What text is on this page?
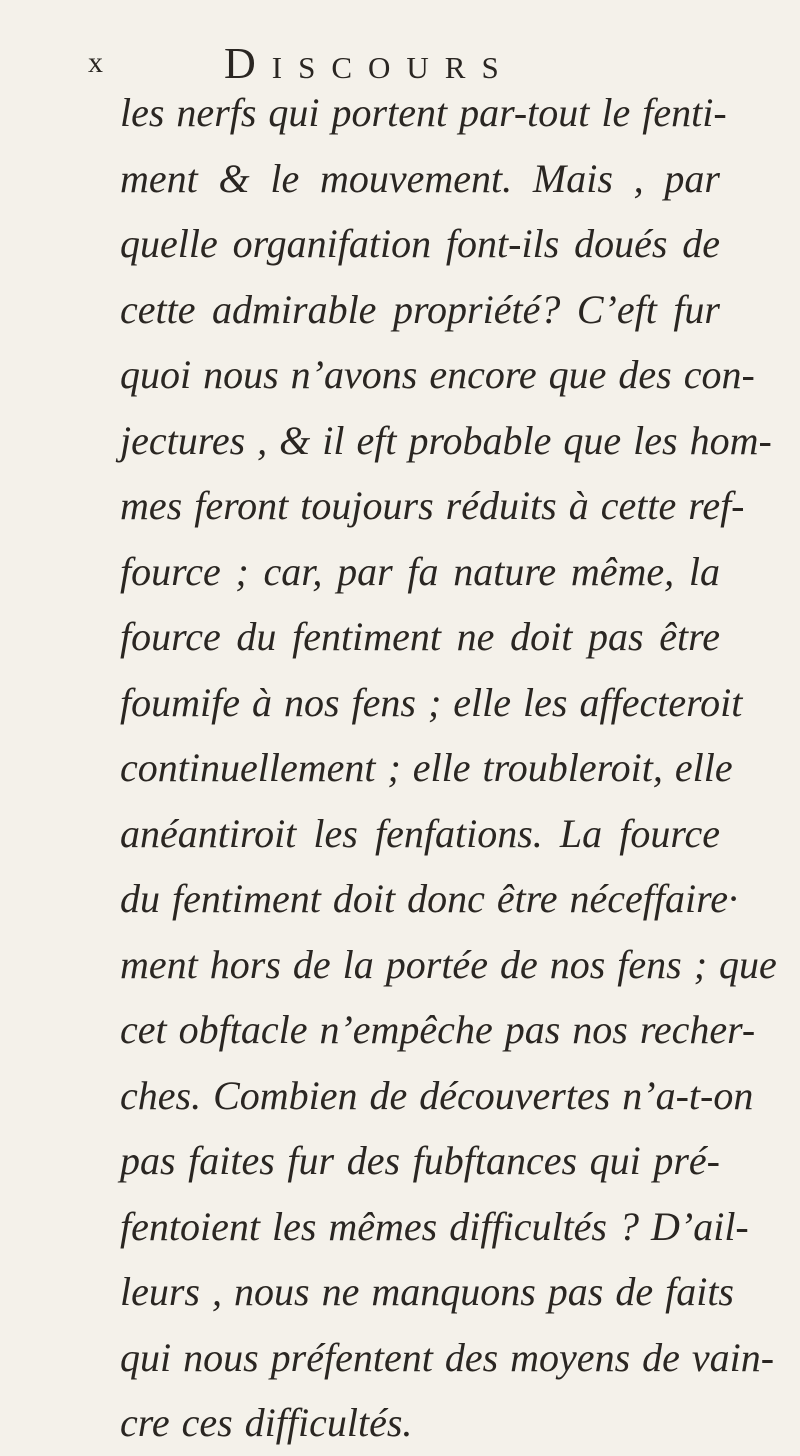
x	Discours
les nerfs qui portent par-tout le fenti-
ment & le mouvement. Mais , par
quelle organifation font-ils doués de
cette admirable propriété? C’eft fur
quoi nous n’avons encore que des con-
jectures , & il eft probable que les hom-
mes feront toujours réduits à cette ref-
fource ; car, par fa nature même, la
fource du fentiment ne doit pas être
foumife à nos fens ; elle les affecteroit
continuellement ; elle troubleroit, elle
anéantiroit les fenfations. La fource
du fentiment doit donc être néceffaire·
ment hors de la portée de nos fens ; que
cet obftacle n’empêche pas nos recher-
ches. Combien de découvertes n’a-t-on
pas faites fur des fubftances qui pré-
fentoient les mêmes difficultés ? D’ail-
leurs , nous ne manquons pas de faits
qui nous préfentent des moyens de vain-
cre ces difficultés.
